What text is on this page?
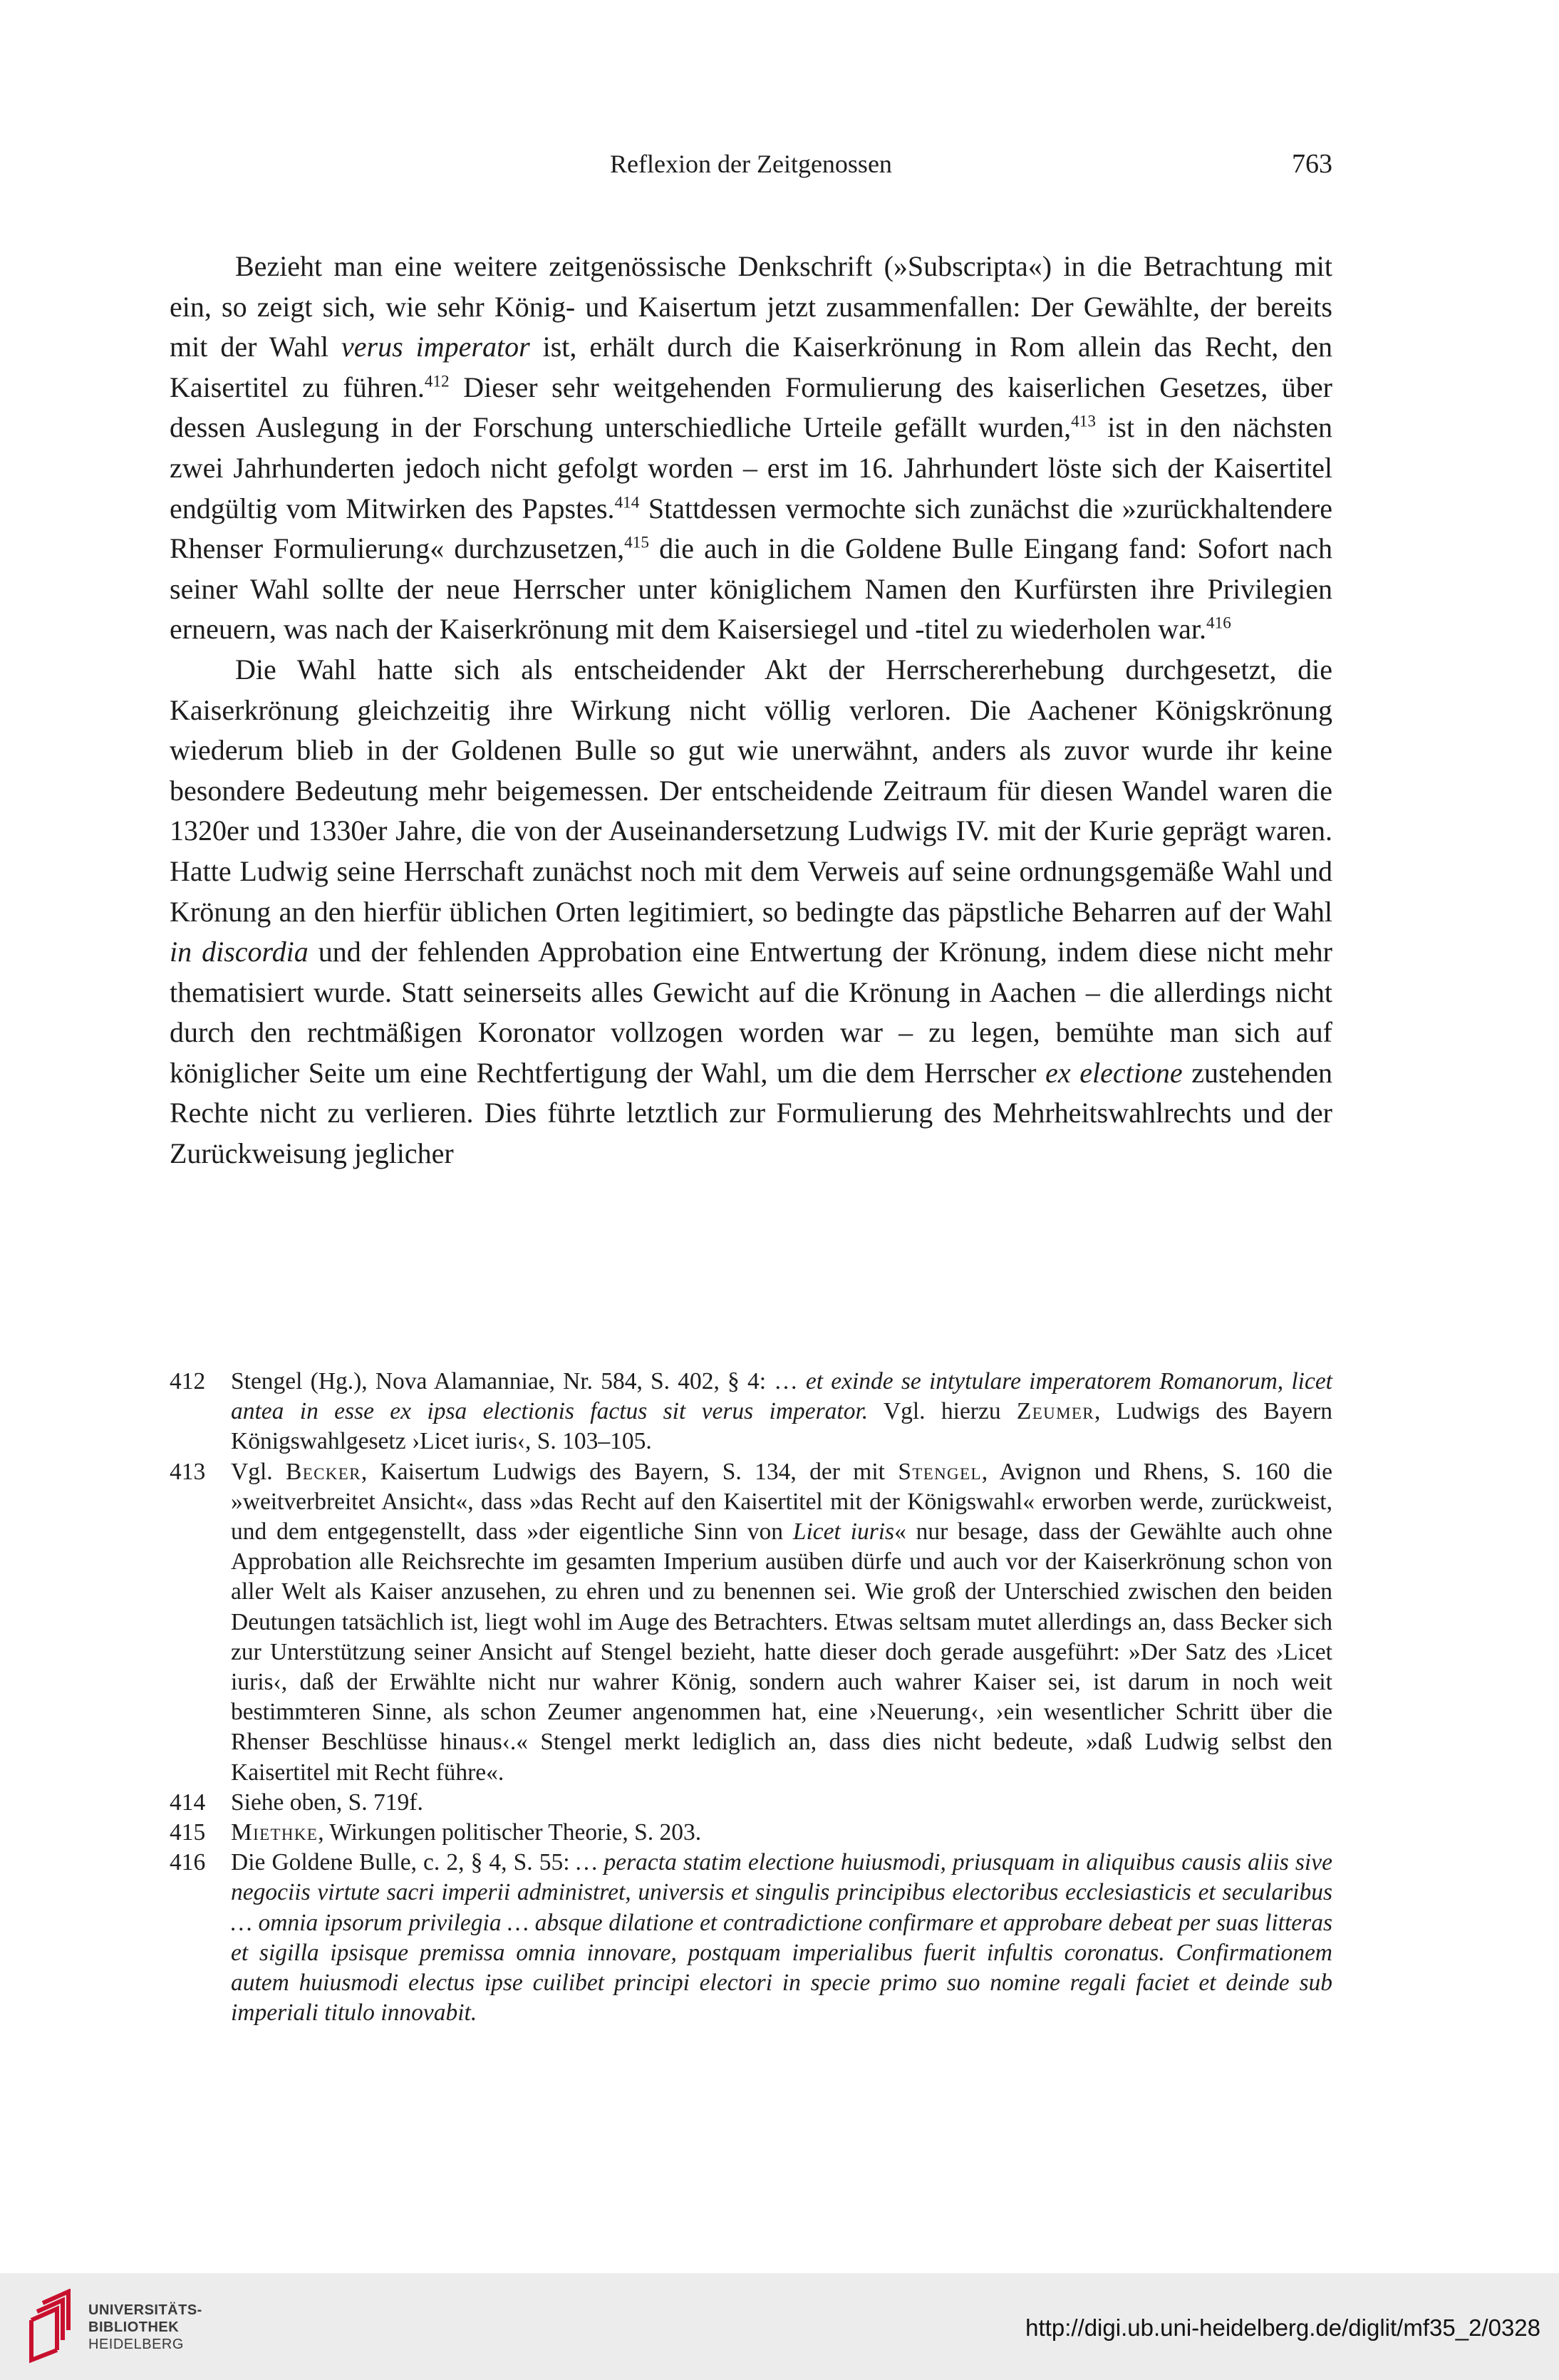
Reflexion der Zeitgenossen	763

Bezieht man eine weitere zeitgenössische Denkschrift (»Subscripta«) in die Betrachtung mit ein, so zeigt sich, wie sehr König- und Kaisertum jetzt zusammenfallen: Der Gewählte, der bereits mit der Wahl verus imperator ist, erhält durch die Kaiserkrönung in Rom allein das Recht, den Kaisertitel zu führen.$^{412}$ Dieser sehr weitgehenden Formulierung des kaiserlichen Gesetzes, über dessen Auslegung in der Forschung unterschiedliche Urteile gefällt wurden,$^{413}$ ist in den nächsten zwei Jahrhunderten jedoch nicht gefolgt worden – erst im 16. Jahrhundert löste sich der Kaisertitel endgültig vom Mitwirken des Papstes.$^{414}$ Stattdessen vermochte sich zunächst die »zurückhaltendere Rhenser Formulierung« durchzusetzen,$^{415}$ die auch in die Goldene Bulle Eingang fand: Sofort nach seiner Wahl sollte der neue Herrscher unter königlichem Namen den Kurfürsten ihre Privilegien erneuern, was nach der Kaiserkrönung mit dem Kaisersiegel und -titel zu wiederholen war.$^{416}$

Die Wahl hatte sich als entscheidender Akt der Herrschererhebung durchgesetzt, die Kaiserkrönung gleichzeitig ihre Wirkung nicht völlig verloren. Die Aachener Königskrönung wiederum blieb in der Goldenen Bulle so gut wie unerwähnt, anders als zuvor wurde ihr keine besondere Bedeutung mehr beigemessen. Der entscheidende Zeitraum für diesen Wandel waren die 1320er und 1330er Jahre, die von der Auseinandersetzung Ludwigs IV. mit der Kurie geprägt waren. Hatte Ludwig seine Herrschaft zunächst noch mit dem Verweis auf seine ordnungsgemäße Wahl und Krönung an den hierfür üblichen Orten legitimiert, so bedingte das päpstliche Beharren auf der Wahl in discordia und der fehlenden Approbation eine Entwertung der Krönung, indem diese nicht mehr thematisiert wurde. Statt seinerseits alles Gewicht auf die Krönung in Aachen – die allerdings nicht durch den rechtmäßigen Koronator vollzogen worden war – zu legen, bemühte man sich auf königlicher Seite um eine Rechtfertigung der Wahl, um die dem Herrscher ex electione zustehenden Rechte nicht zu verlieren. Dies führte letztlich zur Formulierung des Mehrheitswahlrechts und der Zurückweisung jeglicher

412 Stengel (Hg.), Nova Alamanniae, Nr. 584, S. 402, § 4: … et exinde se intytulare imperatorem Romanorum, licet antea in esse ex ipsa electionis factus sit verus imperator. Vgl. hierzu Zeumer, Ludwigs des Bayern Königswahlgesetz ›Licet iuris‹, S. 103–105.

413 Vgl. Becker, Kaisertum Ludwigs des Bayern, S. 134, der mit Stengel, Avignon und Rhens, S. 160 die »weitverbreitet Ansicht«, dass »das Recht auf den Kaisertitel mit der Königswahl« erworben werde, zurückweist, und dem entgegenstellt, dass »der eigentliche Sinn von Licet iuris« nur besage, dass der Gewählte auch ohne Approbation alle Reichsrechte im gesamten Imperium ausüben dürfe und auch vor der Kaiserkrönung schon von aller Welt als Kaiser anzusehen, zu ehren und zu benennen sei. Wie groß der Unterschied zwischen den beiden Deutungen tatsächlich ist, liegt wohl im Auge des Betrachters. Etwas seltsam mutet allerdings an, dass Becker sich zur Unterstützung seiner Ansicht auf Stengel bezieht, hatte dieser doch gerade ausgeführt: »Der Satz des ›Licet iuris‹, daß der Erwählte nicht nur wahrer König, sondern auch wahrer Kaiser sei, ist darum in noch weit bestimmteren Sinne, als schon Zeumer angenommen hat, eine ›Neuerung‹, ›ein wesentlicher Schritt über die Rhenser Beschlüsse hinaus‹.« Stengel merkt lediglich an, dass dies nicht bedeute, »daß Ludwig selbst den Kaisertitel mit Recht führe«.

414 Siehe oben, S. 719f.

415 Miethke, Wirkungen politischer Theorie, S. 203.

416 Die Goldene Bulle, c. 2, § 4, S. 55: … peracta statim electione huiusmodi, priusquam in aliquibus causis aliis sive negociis virtute sacri imperii administret, universis et singulis principibus electoribus ecclesiasticis et secularibus … omnia ipsorum privilegia … absque dilatione et contradictione confirmare et approbare debeat per suas litteras et sigilla ipsisque premissa omnia innovare, postquam imperialibus fuerit infultis coronatus. Confirmationem autem huiusmodi electus ipse cuilibet principi electori in specie primo suo nomine regali faciet et deinde sub imperiali titulo innovabit.

UNIVERSITÄTS-
BIBLIOTHEK
HEIDELBERG
http://digi.ub.uni-heidelberg.de/diglit/mf35_2/0328
